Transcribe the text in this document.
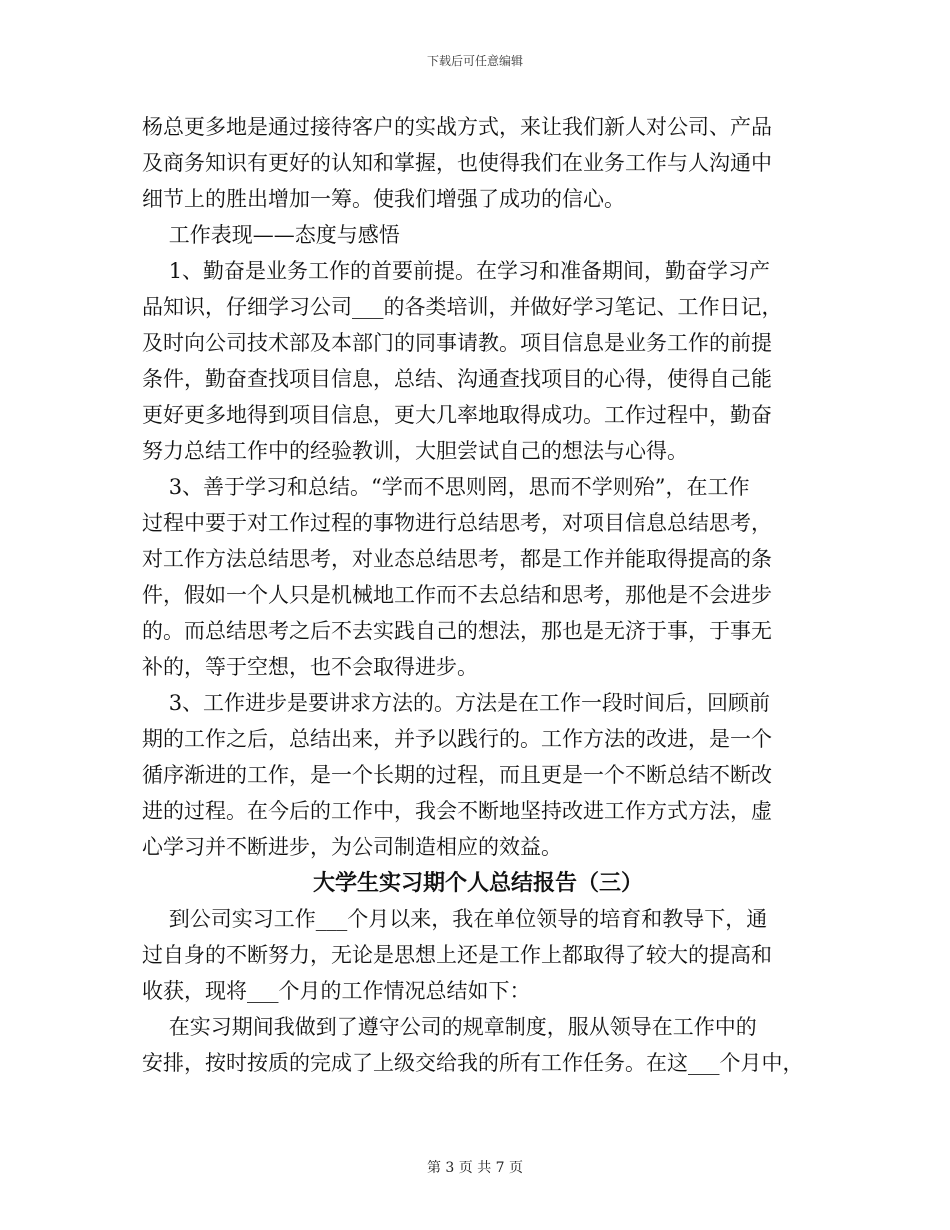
下载后可任意编辑
杨总更多地是通过接待客户的实战方式，来让我们新人对公司、产品
及商务知识有更好的认知和掌握，也使得我们在业务工作与人沟通中
细节上的胜出增加一筹。使我们增强了成功的信心。
工作表现——态度与感悟
1、勤奋是业务工作的首要前提。在学习和准备期间，勤奋学习产
品知识，仔细学习公司___的各类培训，并做好学习笔记、工作日记，
及时向公司技术部及本部门的同事请教。项目信息是业务工作的前提
条件，勤奋查找项目信息，总结、沟通查找项目的心得，使得自己能
更好更多地得到项目信息，更大几率地取得成功。工作过程中，勤奋
努力总结工作中的经验教训，大胆尝试自己的想法与心得。
3、善于学习和总结。“学而不思则罔，思而不学则殆”，在工作
过程中要于对工作过程的事物进行总结思考，对项目信息总结思考，
对工作方法总结思考，对业态总结思考，都是工作并能取得提高的条
件，假如一个人只是机械地工作而不去总结和思考，那他是不会进步
的。而总结思考之后不去实践自己的想法，那也是无济于事，于事无
补的，等于空想，也不会取得进步。
3、工作进步是要讲求方法的。方法是在工作一段时间后，回顾前
期的工作之后，总结出来，并予以践行的。工作方法的改进，是一个
循序渐进的工作，是一个长期的过程，而且更是一个不断总结不断改
进的过程。在今后的工作中，我会不断地坚持改进工作方式方法，虚
心学习并不断进步，为公司制造相应的效益。
大学生实习期个人总结报告（三）
到公司实习工作___个月以来，我在单位领导的培育和教导下，通
过自身的不断努力，无论是思想上还是工作上都取得了较大的提高和
收获，现将___个月的工作情况总结如下：
在实习期间我做到了遵守公司的规章制度，服从领导在工作中的
安排，按时按质的完成了上级交给我的所有工作任务。在这___个月中，
第 3 页 共 7 页
